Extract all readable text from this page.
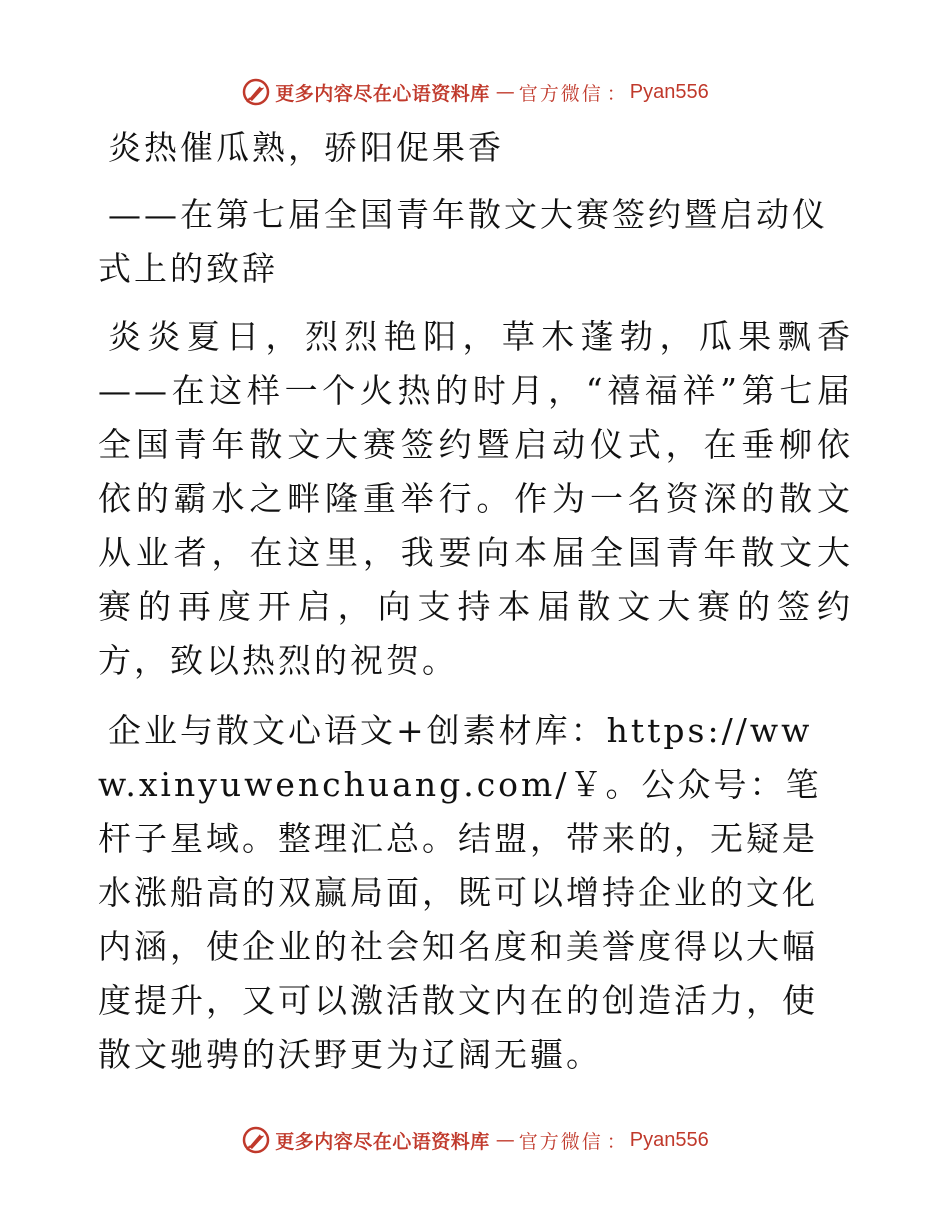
更多内容尽在心语资料库 — 官方微信 ： Pyan556
炎热催瓜熟，骄阳促果香
——在第七届全国青年散文大赛签约暨启动仪式上的致辞

炎炎夏日，烈烈艳阳，草木蓬勃，瓜果飘香——在这样一个火热的时月，“禧福祥”第七届全国青年散文大赛签约暨启动仪式，在垂柳依依的霸水之畔隆重举行。作为一名资深的散文从业者，在这里，我要向本届全国青年散文大赛的再度开启，向支持本届散文大赛的签约方，致以热烈的祝贺。

企业与散文心语文+创素材库：https://www.xinyuwenchuang.com/￥。公众号：笔杆子星域。整理汇总。结盟，带来的，无疑是水涨船高的双赢局面，既可以增持企业的文化内涵，使企业的社会知名度和美誉度得以大幅度提升，又可以激活散文内在的创造活力，使散文驰骋的沃野更为辽阔无疆。

更多内容尽在心语资料库 — 官方微信 ： Pyan556
